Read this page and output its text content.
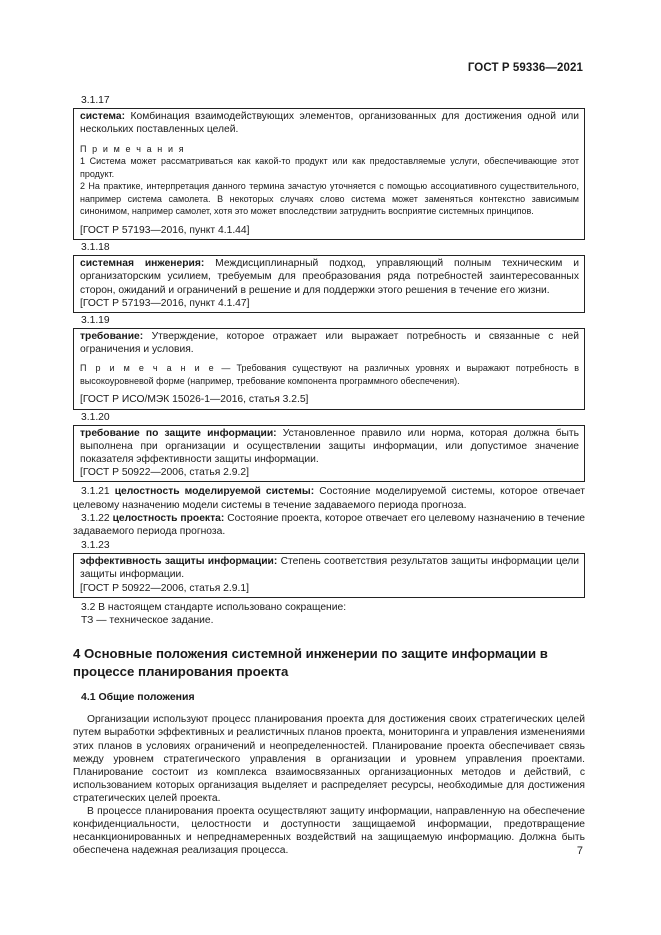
ГОСТ Р 59336—2021
3.1.17

система: Комбинация взаимодействующих элементов, организованных для достижения одной или нескольких поставленных целей.

П р и м е ч а н и я

1 Система может рассматриваться как какой-то продукт или как предоставляемые услуги, обеспечивающие этот продукт.

2 На практике, интерпретация данного термина зачастую уточняется с помощью ассоциативного существительного, например система самолета. В некоторых случаях слово система может заменяться контекстно зависимым синонимом, например самолет, хотя это может впоследствии затруднить восприятие системных принципов.

[ГОСТ Р 57193—2016, пункт 4.1.44]

3.1.18

системная инженерия: Междисциплинарный подход, управляющий полным техническим и организаторским усилием, требуемым для преобразования ряда потребностей заинтересованных сторон, ожиданий и ограничений в решение и для поддержки этого решения в течение его жизни.

[ГОСТ Р 57193—2016, пункт 4.1.47]

3.1.19

требование: Утверждение, которое отражает или выражает потребность и связанные с ней ограничения и условия.

П р и м е ч а н и е — Требования существуют на различных уровнях и выражают потребность в высокоуровневой форме (например, требование компонента программного обеспечения).

[ГОСТ Р ИСО/МЭК 15026-1—2016, статья 3.2.5]

3.1.20

требование по защите информации: Установленное правило или норма, которая должна быть выполнена при организации и осуществлении защиты информации, или допустимое значение показателя эффективности защиты информации.

[ГОСТ Р 50922—2006, статья 2.9.2]

3.1.21 целостность моделируемой системы: Состояние моделируемой системы, которое отвечает целевому назначению модели системы в течение задаваемого периода прогноза.

3.1.22 целостность проекта: Состояние проекта, которое отвечает его целевому назначению в течение задаваемого периода прогноза.

3.1.23

эффективность защиты информации: Степень соответствия результатов защиты информации цели защиты информации.

[ГОСТ Р 50922—2006, статья 2.9.1]

3.2 В настоящем стандарте использовано сокращение:

ТЗ — техническое задание.

4 Основные положения системной инженерии по защите информации в процессе планирования проекта
4.1 Общие положения

Организации используют процесс планирования проекта для достижения своих стратегических целей путем выработки эффективных и реалистичных планов проекта, мониторинга и управления изменениями этих планов в условиях ограничений и неопределенностей. Планирование проекта обеспечивает связь между уровнем стратегического управления в организации и уровнем управления проектами. Планирование состоит из комплекса взаимосвязанных организационных методов и действий, с использованием которых организация выделяет и распределяет ресурсы, необходимые для достижения стратегических целей проекта.

В процессе планирования проекта осуществляют защиту информации, направленную на обеспечение конфиденциальности, целостности и доступности защищаемой информации, предотвращение несанкционированных и непреднамеренных воздействий на защищаемую информацию. Должна быть обеспечена надежная реализация процесса.	7
